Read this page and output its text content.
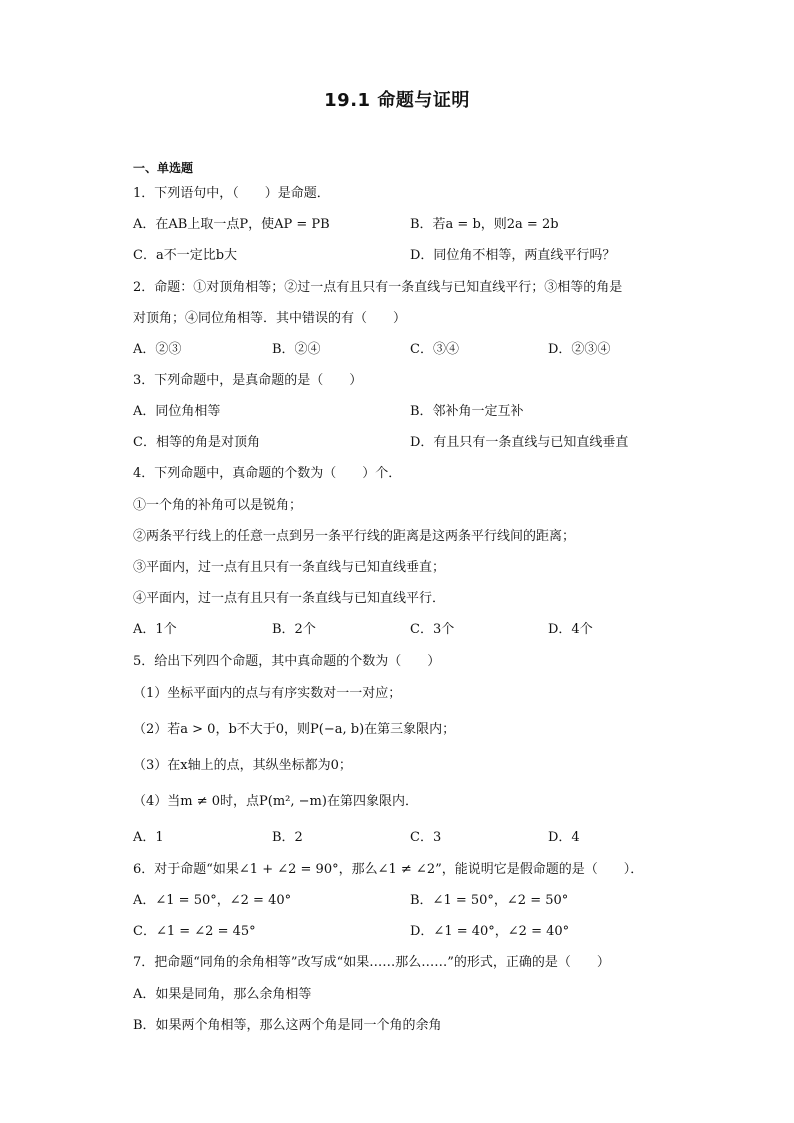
19.1 命题与证明
一、单选题
1．下列语句中，（　　）是命题．
A．在AB上取一点P，使AP = PB	B．若a = b，则2a = 2b
C．a不一定比b大	D．同位角不相等，两直线平行吗？
2．命题：①对顶角相等；②过一点有且只有一条直线与已知直线平行；③相等的角是
对顶角；④同位角相等．其中错误的有（　　）
A．②③	B．②④	C．③④	D．②③④
3．下列命题中，是真命题的是（　　）
A．同位角相等	B．邻补角一定互补
C．相等的角是对顶角	D．有且只有一条直线与已知直线垂直
4．下列命题中，真命题的个数为（　　）个．
①一个角的补角可以是锐角；
②两条平行线上的任意一点到另一条平行线的距离是这两条平行线间的距离；
③平面内，过一点有且只有一条直线与已知直线垂直；
④平面内，过一点有且只有一条直线与已知直线平行．
A．1个	B．2个	C．3个	D．4个
5．给出下列四个命题，其中真命题的个数为（　　）
（1）坐标平面内的点与有序实数对一一对应；
（2）若a > 0，b不大于0，则P(−a, b)在第三象限内；
（3）在x轴上的点，其纵坐标都为0；
（4）当m ≠ 0时，点P(m², −m)在第四象限内．
A．1	B．2	C．3	D．4
6．对于命题“如果∠1 + ∠2 = 90°，那么∠1 ≠ ∠2”，能说明它是假命题的是（　　）．
A．∠1 = 50°，∠2 = 40°	B．∠1 = 50°，∠2 = 50°
C．∠1 = ∠2 = 45°	D．∠1 = 40°，∠2 = 40°
7．把命题“同角的余角相等”改写成“如果……那么……”的形式，正确的是（　　）
A．如果是同角，那么余角相等
B．如果两个角相等，那么这两个角是同一个角的余角
